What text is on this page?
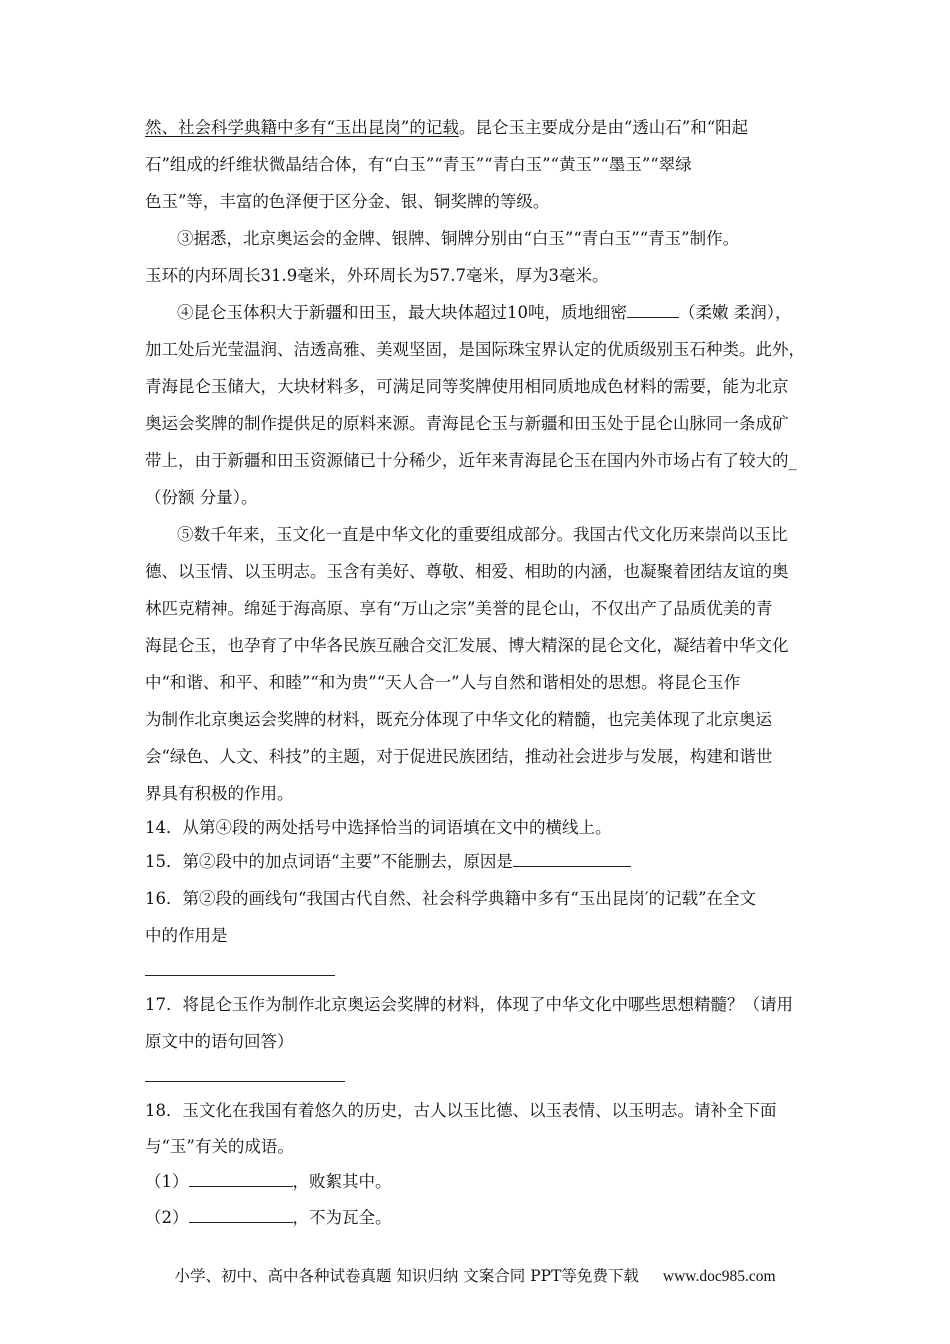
然、社会科学典籍中多有“玉出昆岗”的记载。昆仑玉主要成分是由“透山石”和“阳起
石”组成的纤维状微晶结合体，有“白玉”“青玉”“青白玉”“黄玉”“墨玉”“翠绿
色玉”等，丰富的色泽便于区分金、银、铜奖牌的等级。
③据悉，北京奥运会的金牌、银牌、铜牌分别由“白玉”“青白玉”“青玉”制作。
玉环的内环周长31.9毫米，外环周长为57.7毫米，厚为3毫米。
④昆仑玉体积大于新疆和田玉，最大块体超过10吨，质地细密	（柔嫩 柔润），
加工处后光莹温润、洁透高雅、美观坚固，是国际珠宝界认定的优质级别玉石种类。此外，
青海昆仑玉储大，大块材料多，可满足同等奖牌使用相同质地成色材料的需要，能为北京
奥运会奖牌的制作提供足的原料来源。青海昆仑玉与新疆和田玉处于昆仑山脉同一条成矿
带上，由于新疆和田玉资源储已十分稀少，近年来青海昆仑玉在国内外市场占有了较大的_
（份额 分量）。
⑤数千年来，玉文化一直是中华文化的重要组成部分。我国古代文化历来崇尚以玉比
德、以玉情、以玉明志。玉含有美好、尊敬、相爱、相助的内涵，也凝聚着团结友谊的奥
林匹克精神。绵延于海高原、享有“万山之宗”美誉的昆仑山，不仅出产了品质优美的青
海昆仑玉，也孕育了中华各民族互融合交汇发展、博大精深的昆仑文化，凝结着中华文化
中“和谐、和平、和睦”“和为贵”“天人合一”人与自然和谐相处的思想。将昆仑玉作
为制作北京奥运会奖牌的材料，既充分体现了中华文化的精髓，也完美体现了北京奥运
会“绿色、人文、科技”的主题，对于促进民族团结，推动社会进步与发展，构建和谐世
界具有积极的作用。
14．从第④段的两处括号中选择恰当的词语填在文中的横线上。
15．第②段中的加点词语“主要”不能删去，原因是
16．第②段的画线句“我国古代自然、社会科学典籍中多有“玉出昆岗′的记载”在全文
中的作用是
17．将昆仑玉作为制作北京奥运会奖牌的材料，体现了中华文化中哪些思想精髓？（请用
原文中的语句回答）
18．玉文化在我国有着悠久的历史，古人以玉比德、以玉表情、以玉明志。请补全下面
与“玉”有关的成语。
（1）	，败絮其中。
（2）	，不为瓦全。
小学、初中、高中各种试卷真题 知识归纳 文案合同 PPT等免费下载 www.doc985.com
